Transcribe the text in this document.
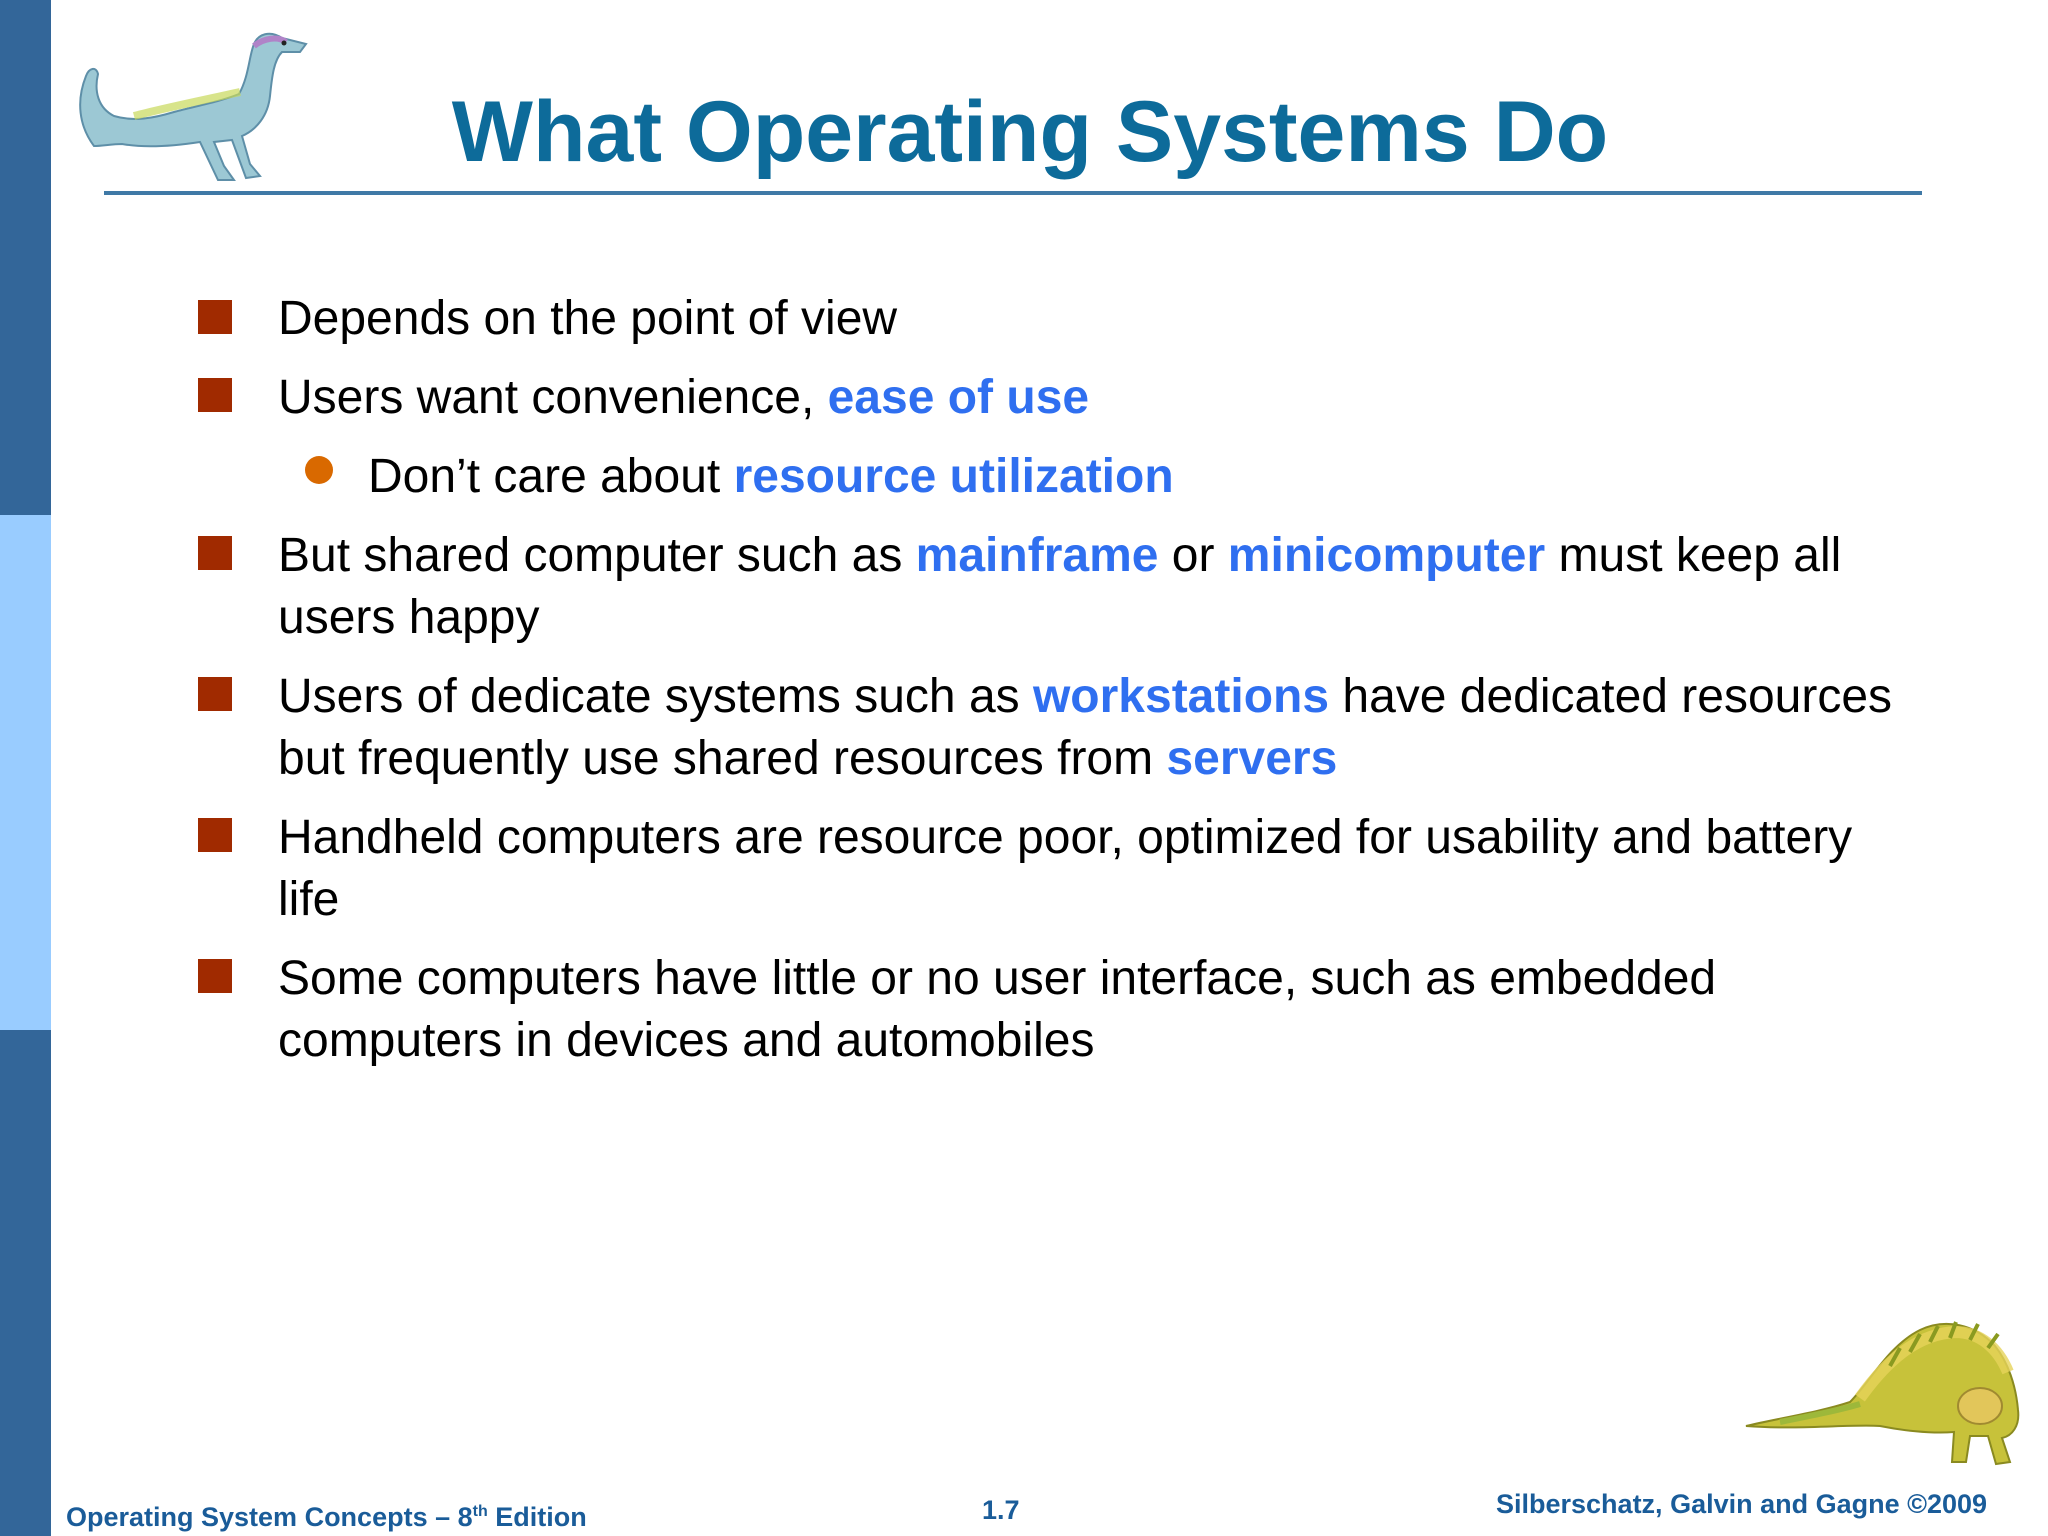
What Operating Systems Do
Depends on the point of view
Users want convenience, ease of use
Don’t care about resource utilization
But shared computer such as mainframe or minicomputer must keep all
users happy
Users of dedicate systems such as workstations have dedicated resources
but frequently use shared resources from servers
Handheld computers are resource poor, optimized for usability and battery
life
Some computers have little or no user interface, such as embedded
computers in devices and automobiles
Operating System Concepts – 8th Edition	1.7	Silberschatz, Galvin and Gagne ©2009
